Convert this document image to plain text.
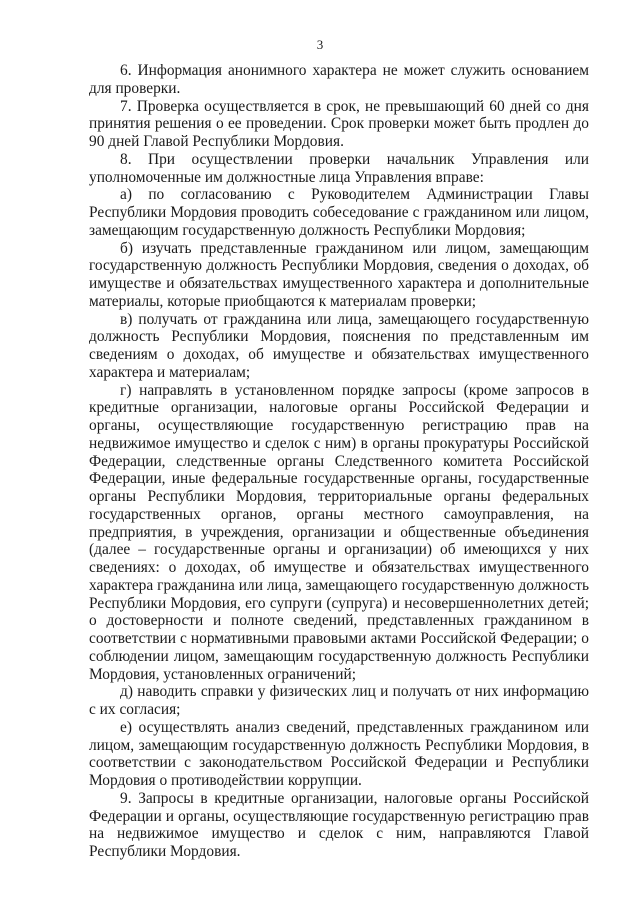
3

6. Информация анонимного характера не может служить основанием для проверки.

7. Проверка осуществляется в срок, не превышающий 60 дней со дня принятия решения о ее проведении. Срок проверки может быть продлен до 90 дней Главой Республики Мордовия.

8. При осуществлении проверки начальник Управления или уполномоченные им должностные лица Управления вправе:

а) по согласованию с Руководителем Администрации Главы Республики Мордовия проводить собеседование с гражданином или лицом, замещающим государственную должность Республики Мордовия;

б) изучать представленные гражданином или лицом, замещающим государственную должность Республики Мордовия, сведения о доходах, об имуществе и обязательствах имущественного характера и дополнительные материалы, которые приобщаются к материалам проверки;

в) получать от гражданина или лица, замещающего государственную должность Республики Мордовия, пояснения по представленным им сведениям о доходах, об имуществе и обязательствах имущественного характера и материалам;

г) направлять в установленном порядке запросы (кроме запросов в кредитные организации, налоговые органы Российской Федерации и органы, осуществляющие государственную регистрацию прав на недвижимое имущество и сделок с ним) в органы прокуратуры Российской Федерации, следственные органы Следственного комитета Российской Федерации, иные федеральные государственные органы, государственные органы Республики Мордовия, территориальные органы федеральных государственных органов, органы местного самоуправления, на предприятия, в учреждения, организации и общественные объединения (далее – государственные органы и организации) об имеющихся у них сведениях: о доходах, об имуществе и обязательствах имущественного характера гражданина или лица, замещающего государственную должность Республики Мордовия, его супруги (супруга) и несовершеннолетних детей; о достоверности и полноте сведений, представленных гражданином в соответствии с нормативными правовыми актами Российской Федерации; о соблюдении лицом, замещающим государственную должность Республики Мордовия, установленных ограничений;

д) наводить справки у физических лиц и получать от них информацию с их согласия;

е) осуществлять анализ сведений, представленных гражданином или лицом, замещающим государственную должность Республики Мордовия, в соответствии с законодательством Российской Федерации и Республики Мордовия о противодействии коррупции.

9. Запросы в кредитные организации, налоговые органы Российской Федерации и органы, осуществляющие государственную регистрацию прав на недвижимое имущество и сделок с ним, направляются Главой Республики Мордовия.
